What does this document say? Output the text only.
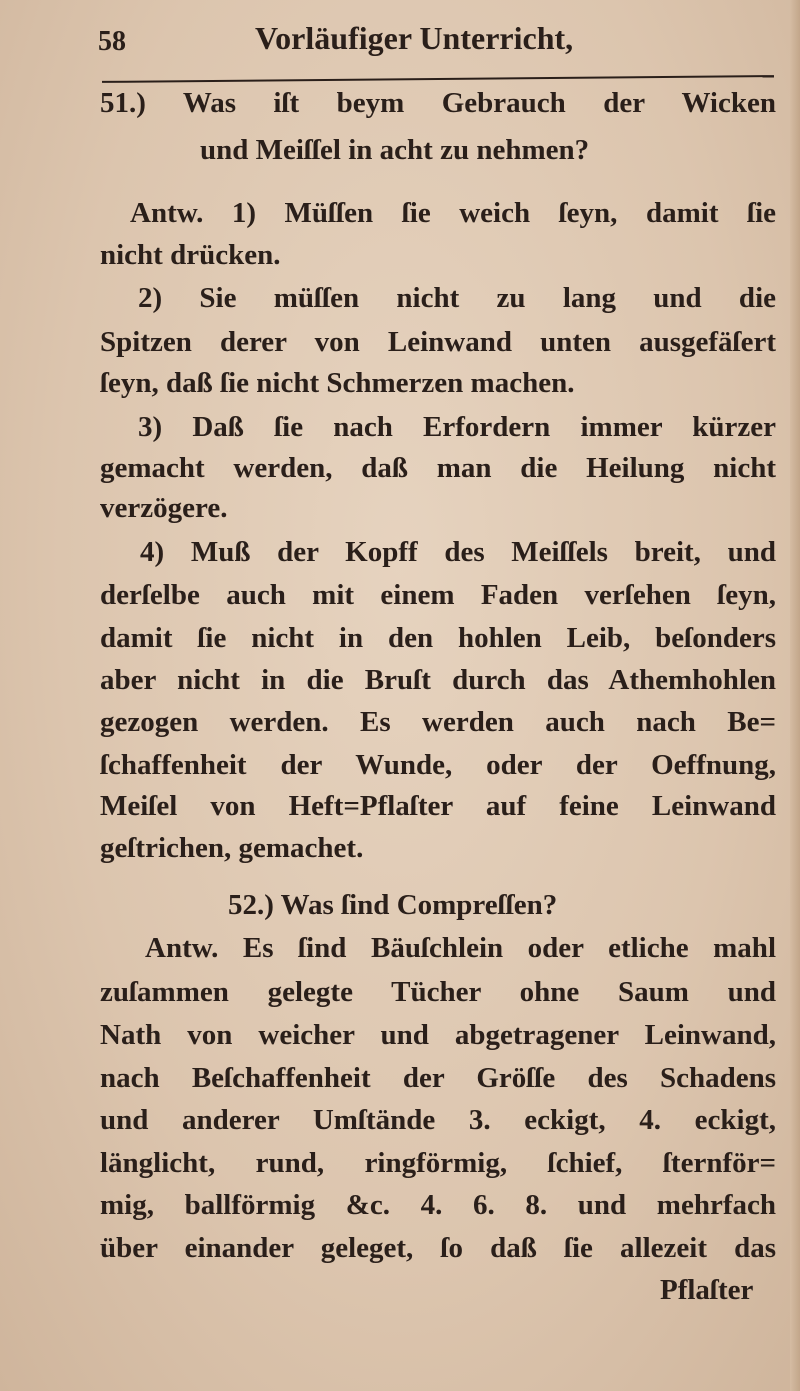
58	Vorläufiger Unterricht,
51.) Was iſt beym Gebrauch der Wicken
und Meiſſel in acht zu nehmen?
Antw. 1) Müſſen ſie weich ſeyn, damit ſie
nicht drücken.
2) Sie müſſen nicht zu lang und die
Spitzen derer von Leinwand unten ausgefäſert
ſeyn, daß ſie nicht Schmerzen machen.
3) Daß ſie nach Erfordern immer kürzer
gemacht werden, daß man die Heilung nicht
verzögere.
4) Muß der Kopff des Meiſſels breit, und
derſelbe auch mit einem Faden verſehen ſeyn,
damit ſie nicht in den hohlen Leib, beſonders
aber nicht in die Bruſt durch das Athemhohlen
gezogen werden. Es werden auch nach Be=
ſchaffenheit der Wunde, oder der Oeffnung,
Meiſel von Heft=Pflaſter auf feine Leinwand
geſtrichen, gemachet.
52.) Was ſind Compreſſen?
Antw. Es ſind Bäuſchlein oder etliche mahl
zuſammen gelegte Tücher ohne Saum und
Nath von weicher und abgetragener Leinwand,
nach Beſchaffenheit der Gröſſe des Schadens
und anderer Umſtände 3. eckigt, 4. eckigt,
länglicht, rund, ringförmig, ſchief, ſternför=
mig, ballförmig &c. 4. 6. 8. und mehrfach
über einander geleget, ſo daß ſie allezeit das
Pflaſter
